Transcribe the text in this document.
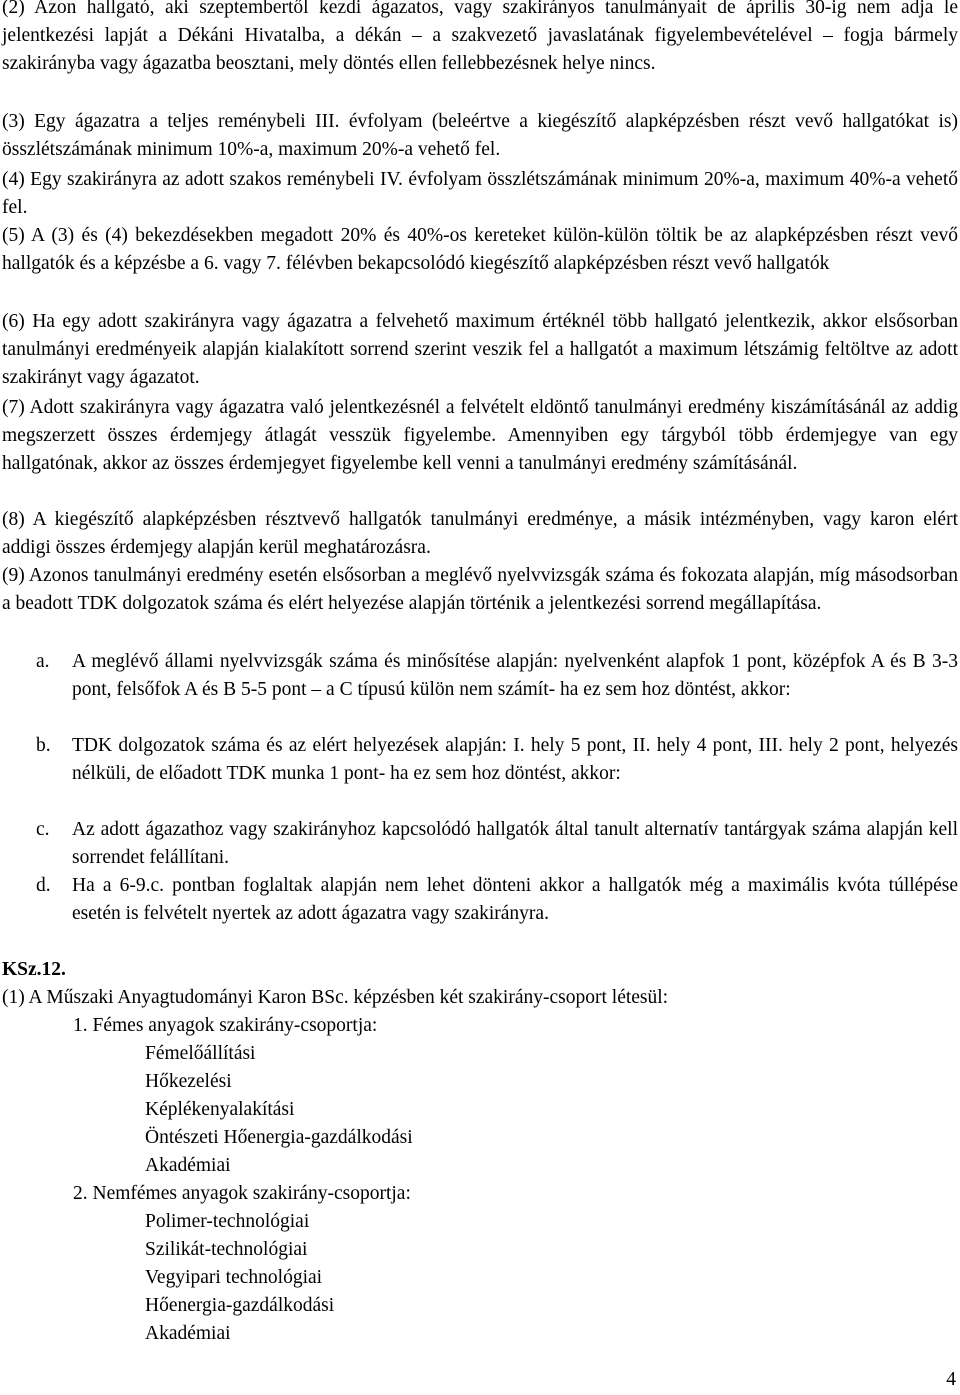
(2) Azon hallgató, aki szeptembertől kezdi ágazatos, vagy szakirányos tanulmányait de április 30-ig nem adja le jelentkezési lapját a Dékáni Hivatalba, a dékán – a szakvezető javaslatának figyelembevételével – fogja bármely szakirányba vagy ágazatba beosztani, mely döntés ellen fellebbezésnek helye nincs.

(3) Egy ágazatra a teljes reménybeli III. évfolyam (beleértve a kiegészítő alapképzésben részt vevő hallgatókat is) összlétszámának minimum 10%-a, maximum 20%-a vehető fel.

(4) Egy szakirányra az adott szakos reménybeli IV. évfolyam összlétszámának minimum 20%-a, maximum 40%-a vehető fel.

(5) A (3) és (4) bekezdésekben megadott 20% és 40%-os kereteket külön-külön töltik be az alapképzésben részt vevő hallgatók és a képzésbe a 6. vagy 7. félévben bekapcsolódó kiegészítő alapképzésben részt vevő hallgatók

(6) Ha egy adott szakirányra vagy ágazatra a felvehető maximum értéknél több hallgató jelentkezik, akkor elsősorban tanulmányi eredményeik alapján kialakított sorrend szerint veszik fel a hallgatót a maximum létszámig feltöltve az adott szakirányt vagy ágazatot.

(7) Adott szakirányra vagy ágazatra való jelentkezésnél a felvételt eldöntő tanulmányi eredmény kiszámításánál az addig megszerzett összes érdemjegy átlagát vesszük figyelembe. Amennyiben egy tárgyból több érdemjegye van egy hallgatónak, akkor az összes érdemjegyet figyelembe kell venni a tanulmányi eredmény számításánál.

(8) A kiegészítő alapképzésben résztvevő hallgatók tanulmányi eredménye, a másik intézményben, vagy karon elért addigi összes érdemjegy alapján kerül meghatározásra.

(9) Azonos tanulmányi eredmény esetén elsősorban a meglévő nyelvvizsgák száma és fokozata alapján, míg másodsorban a beadott TDK dolgozatok száma és elért helyezése alapján történik a jelentkezési sorrend megállapítása.

a. A meglévő állami nyelvvizsgák száma és minősítése alapján: nyelvenként alapfok 1 pont, középfok A és B 3-3 pont, felsőfok A és B 5-5 pont – a C típusú külön nem számít- ha ez sem hoz döntést, akkor:
b. TDK dolgozatok száma és az elért helyezések alapján: I. hely 5 pont, II. hely 4 pont, III. hely 2 pont, helyezés nélküli, de előadott TDK munka 1 pont- ha ez sem hoz döntést, akkor:
c. Az adott ágazathoz vagy szakirányhoz kapcsolódó hallgatók által tanult alternatív tantárgyak száma alapján kell sorrendet felállítani.
d. Ha a 6-9.c. pontban foglaltak alapján nem lehet dönteni akkor a hallgatók még a maximális kvóta túllépése esetén is felvételt nyertek az adott ágazatra vagy szakirányra.
KSz.12.
(1) A Műszaki Anyagtudományi Karon BSc. képzésben két szakirány-csoport létesül:
1. Fémes anyagok szakirány-csoportja:
Fémelőállítási
Hőkezelési
Képlékenyalakítási
Öntészeti Hőenergia-gazdálkodási
Akadémiai
2. Nemfémes anyagok szakirány-csoportja:
Polimer-technológiai
Szilikát-technológiai
Vegyipari technológiai
Hőenergia-gazdálkodási
Akadémiai
4
